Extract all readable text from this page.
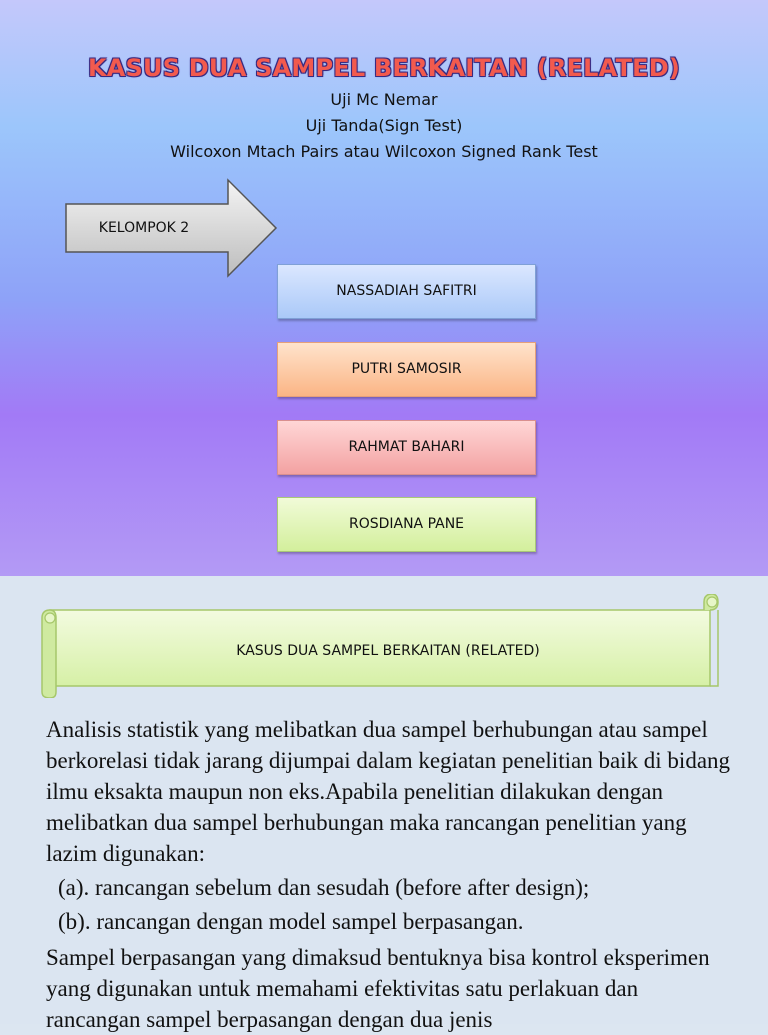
KASUS DUA SAMPEL BERKAITAN (RELATED)
Uji Mc Nemar
Uji Tanda(Sign Test)
Wilcoxon Mtach Pairs atau Wilcoxon Signed Rank Test
KELOMPOK 2
NASSADIAH SAFITRI
PUTRI SAMOSIR
RAHMAT BAHARI
ROSDIANA PANE
KASUS DUA SAMPEL BERKAITAN (RELATED)

Analisis statistik yang melibatkan dua sampel berhubungan atau sampel berkorelasi tidak jarang dijumpai dalam kegiatan penelitian baik di bidang ilmu eksakta maupun non eks.Apabila penelitian dilakukan dengan melibatkan dua sampel berhubungan maka rancangan penelitian yang lazim digunakan:

(a). rancangan sebelum dan sesudah (before after design);

(b). rancangan dengan model sampel berpasangan.

Sampel berpasangan yang dimaksud bentuknya bisa kontrol eksperimen yang digunakan untuk memahami efektivitas satu perlakuan dan rancangan sampel berpasangan dengan dua jenis
